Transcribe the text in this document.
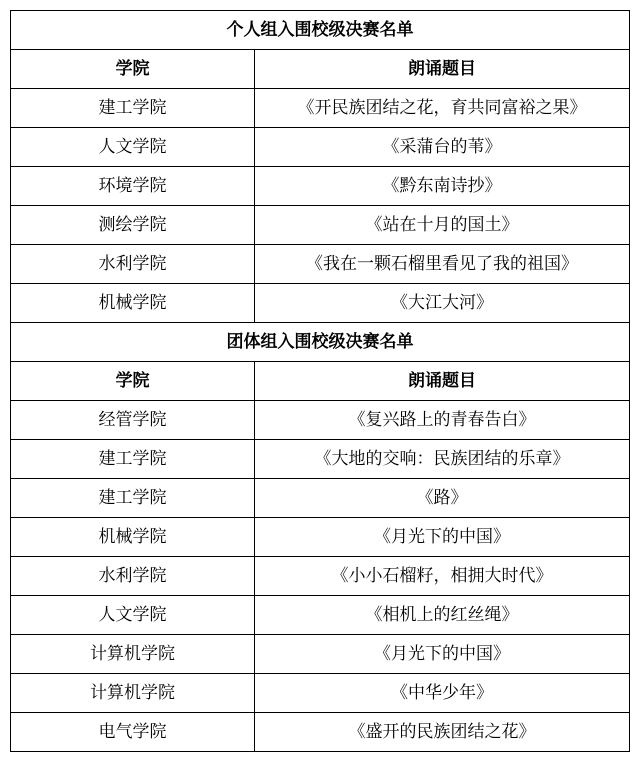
个人组入围校级决赛名单	
学院	朗诵题目
建工学院	《开民族团结之花，育共同富裕之果》
人文学院	《采蒲台的苇》
环境学院	《黔东南诗抄》
测绘学院	《站在十月的国土》
水利学院	《我在一颗石榴里看见了我的祖国》
机械学院	《大江大河》
团体组入围校级决赛名单	
学院	朗诵题目
经管学院	《复兴路上的青春告白》
建工学院	《大地的交响：民族团结的乐章》
建工学院	《路》
机械学院	《月光下的中国》
水利学院	《小小石榴籽，相拥大时代》
人文学院	《相机上的红丝绳》
计算机学院	《月光下的中国》
计算机学院	《中华少年》
电气学院	《盛开的民族团结之花》
